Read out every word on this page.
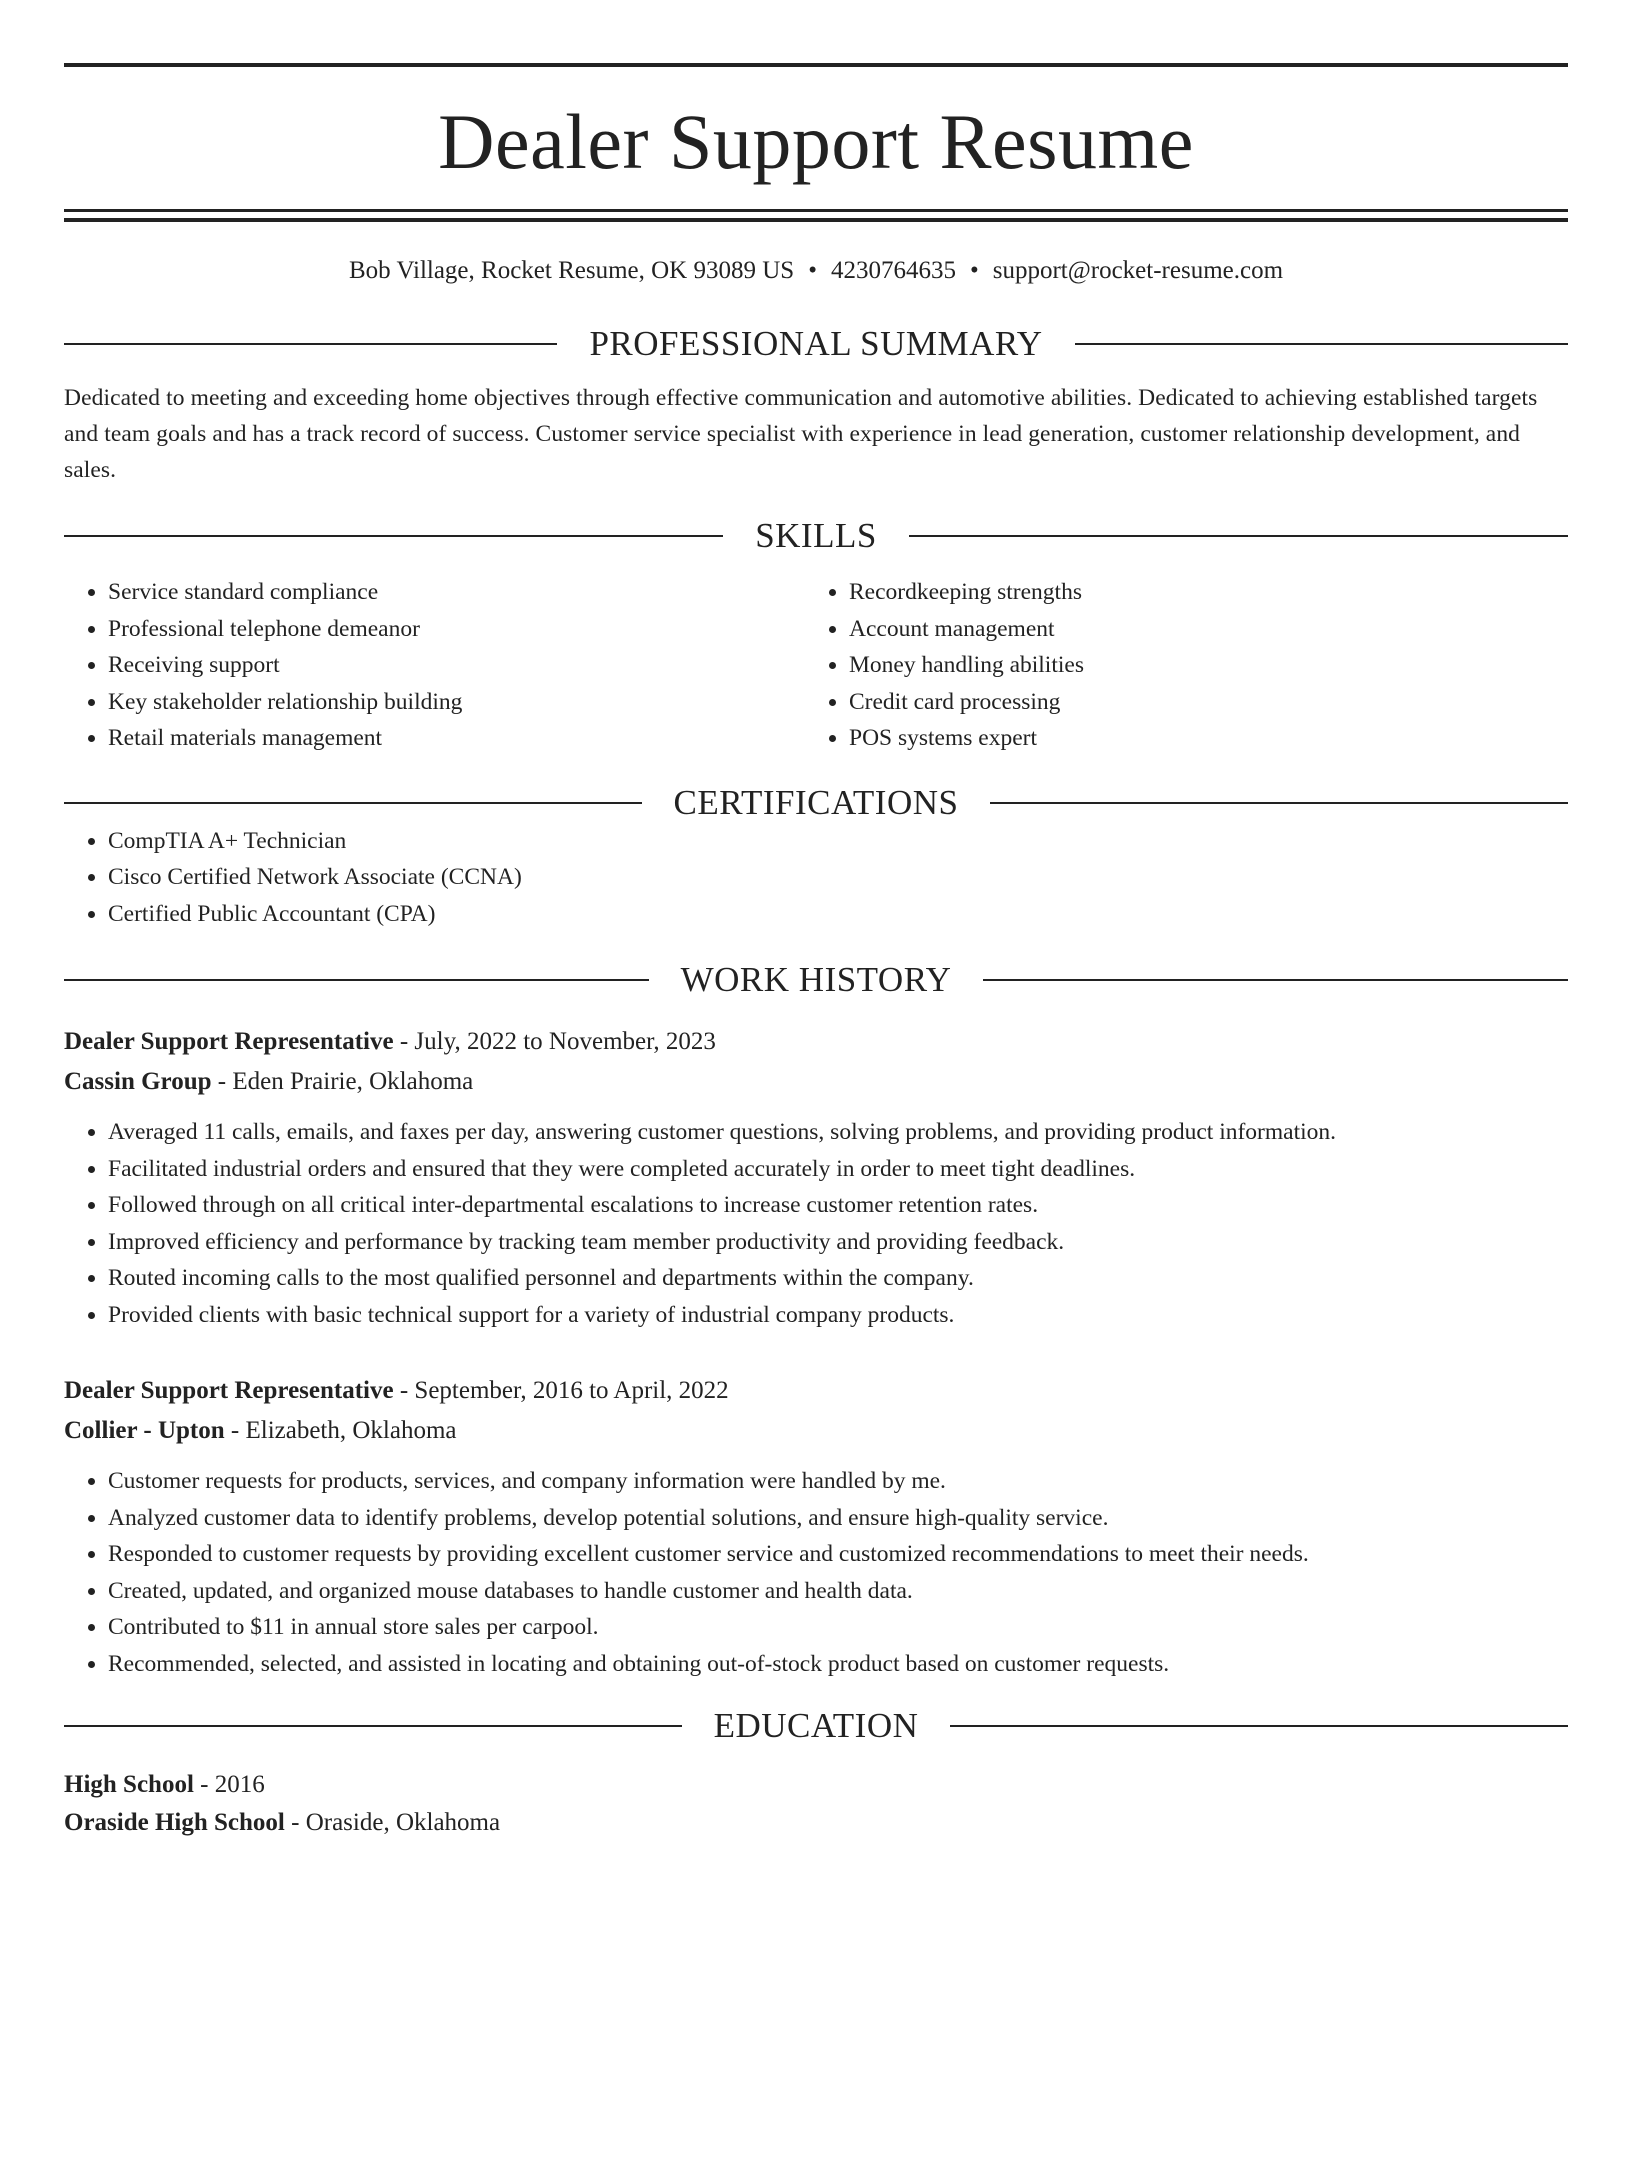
Dealer Support Resume
Bob Village, Rocket Resume, OK 93089 US • 4230764635 • support@rocket-resume.com
PROFESSIONAL SUMMARY
Dedicated to meeting and exceeding home objectives through effective communication and automotive abilities. Dedicated to achieving established targets and team goals and has a track record of success. Customer service specialist with experience in lead generation, customer relationship development, and sales.
SKILLS
• Service standard compliance
• Professional telephone demeanor
• Receiving support
• Key stakeholder relationship building
• Retail materials management
• Recordkeeping strengths
• Account management
• Money handling abilities
• Credit card processing
• POS systems expert
CERTIFICATIONS
• CompTIA A+ Technician
• Cisco Certified Network Associate (CCNA)
• Certified Public Accountant (CPA)
WORK HISTORY
Dealer Support Representative - July, 2022 to November, 2023
Cassin Group - Eden Prairie, Oklahoma
• Averaged 11 calls, emails, and faxes per day, answering customer questions, solving problems, and providing product information.
• Facilitated industrial orders and ensured that they were completed accurately in order to meet tight deadlines.
• Followed through on all critical inter-departmental escalations to increase customer retention rates.
• Improved efficiency and performance by tracking team member productivity and providing feedback.
• Routed incoming calls to the most qualified personnel and departments within the company.
• Provided clients with basic technical support for a variety of industrial company products.
Dealer Support Representative - September, 2016 to April, 2022
Collier - Upton - Elizabeth, Oklahoma
• Customer requests for products, services, and company information were handled by me.
• Analyzed customer data to identify problems, develop potential solutions, and ensure high-quality service.
• Responded to customer requests by providing excellent customer service and customized recommendations to meet their needs.
• Created, updated, and organized mouse databases to handle customer and health data.
• Contributed to $11 in annual store sales per carpool.
• Recommended, selected, and assisted in locating and obtaining out-of-stock product based on customer requests.
EDUCATION
High School - 2016
Oraside High School - Oraside, Oklahoma
